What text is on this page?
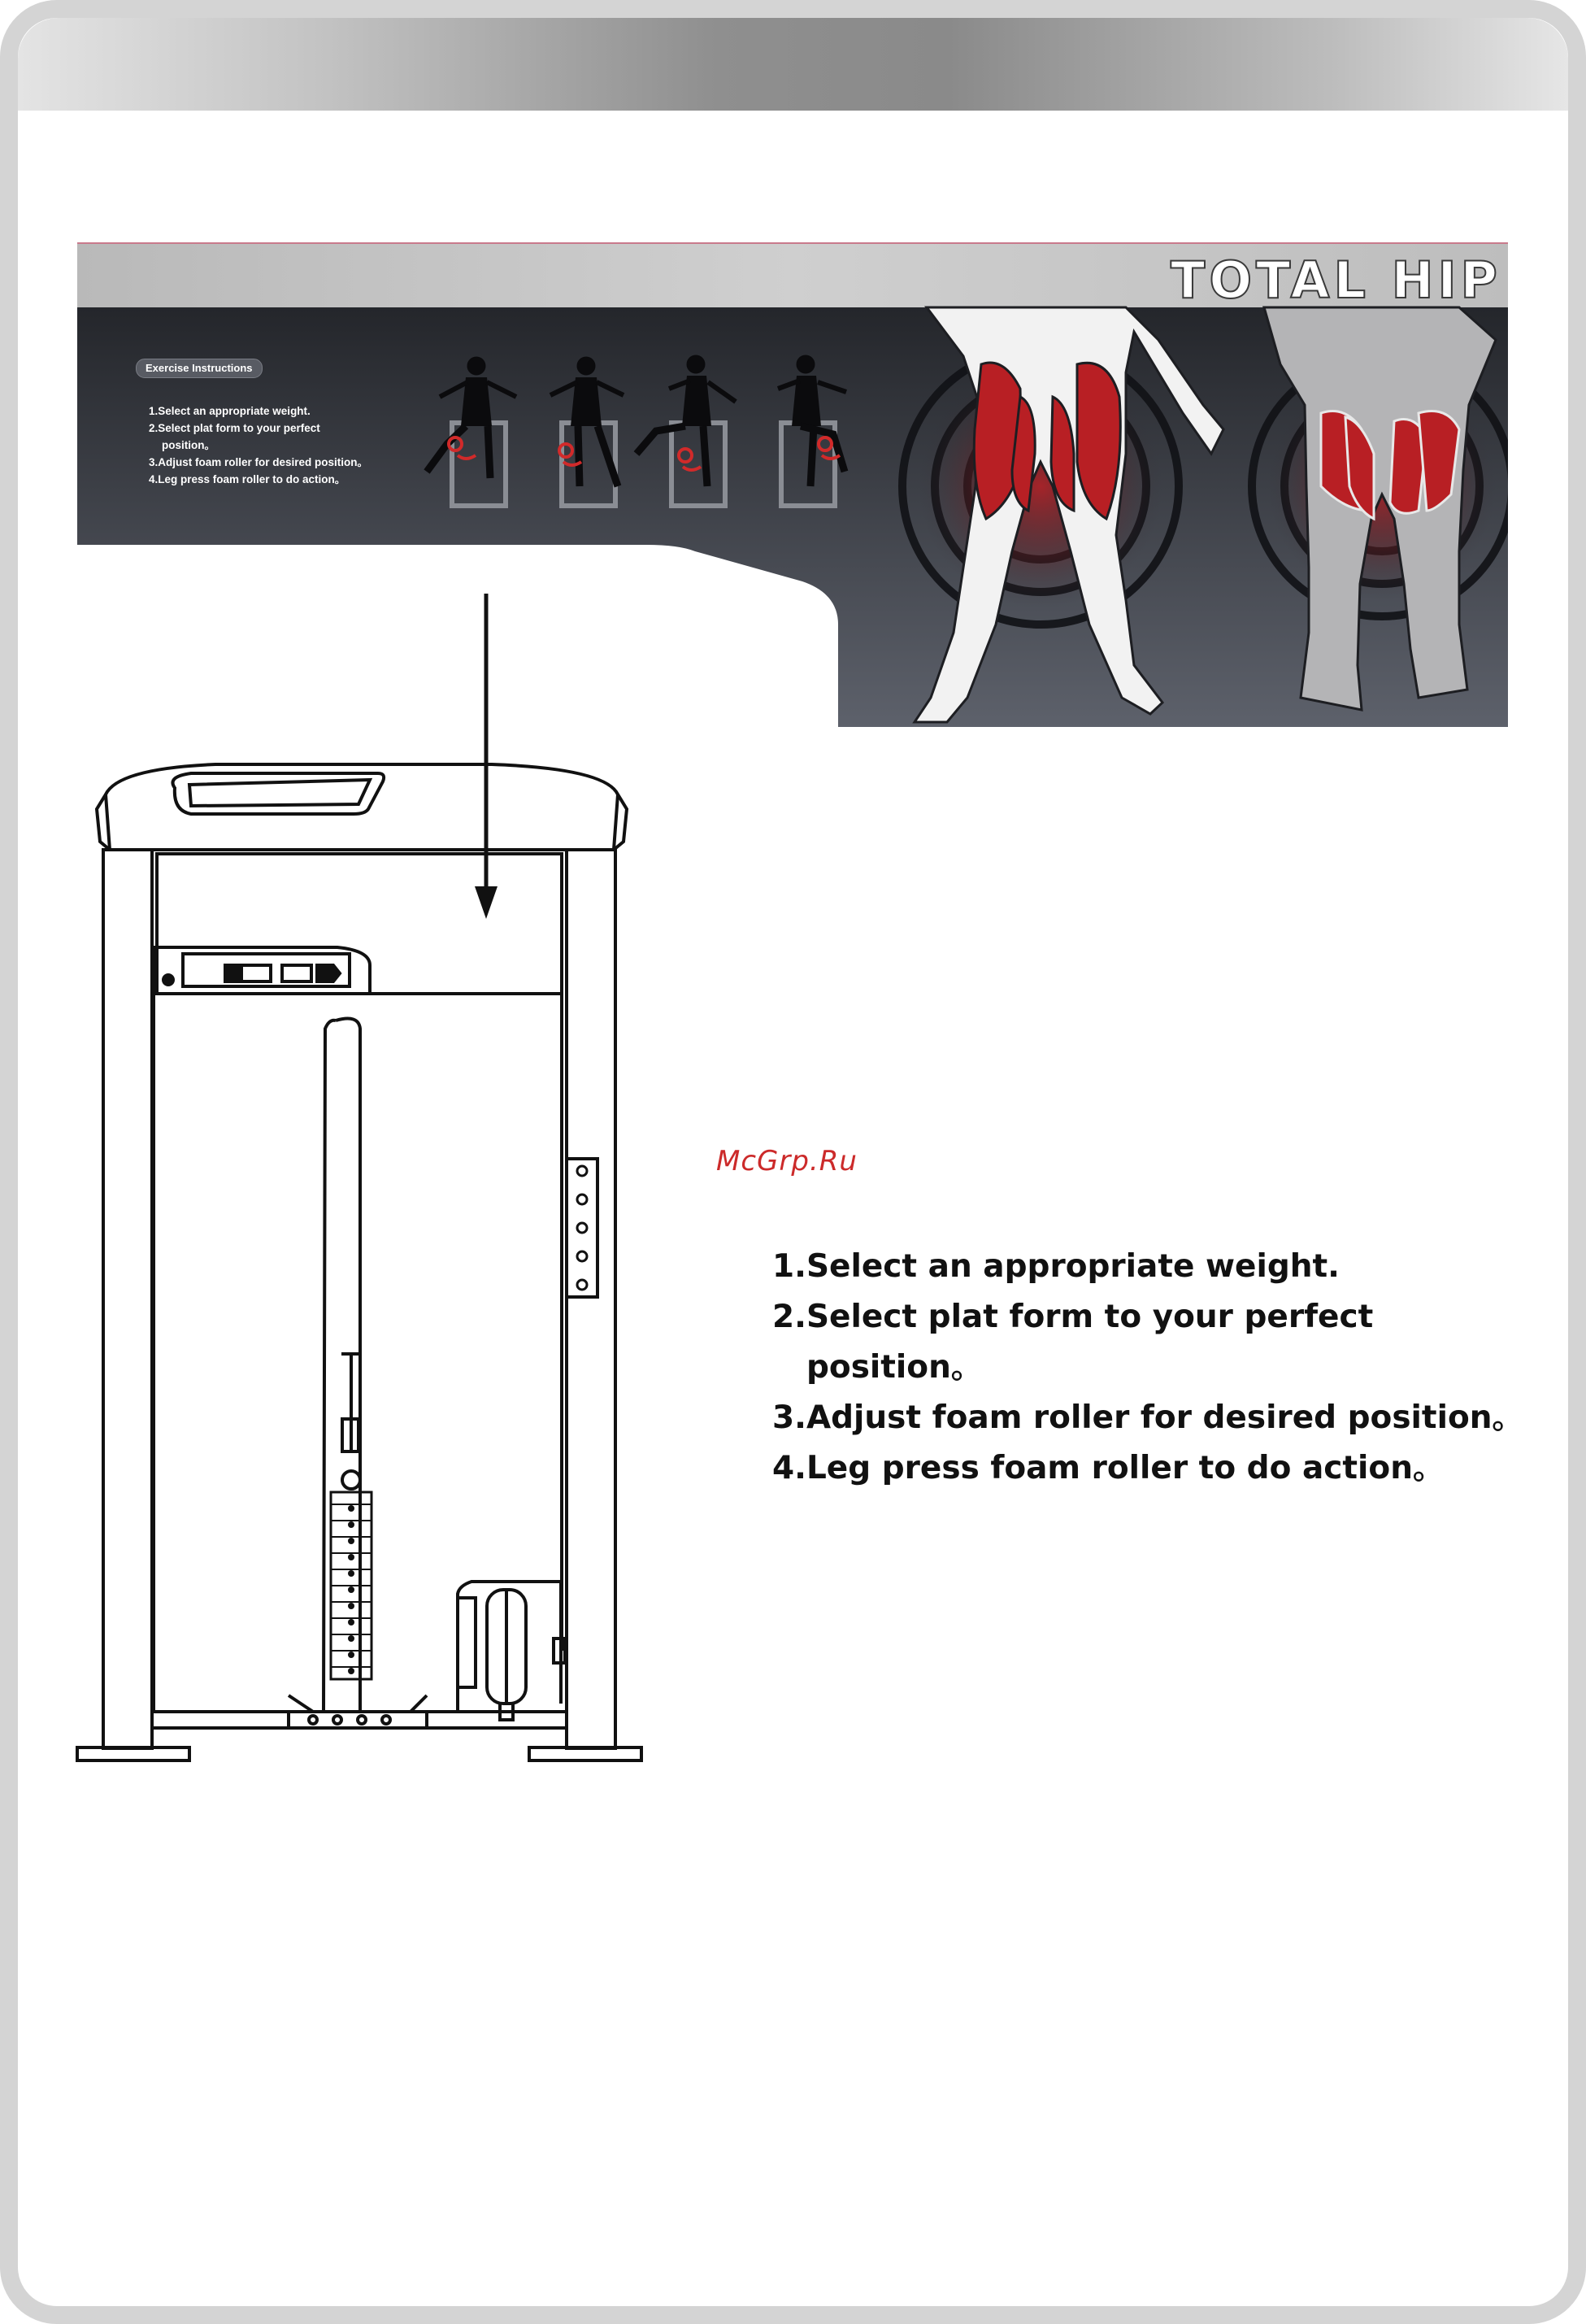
TOTAL HIP
Exercise Instructions
1.Select an appropriate weight.
2.Select plat form to your perfect
position。
3.Adjust foam roller for desired position。
4.Leg press foam roller to do action。
McGrp.Ru
1.Select an appropriate weight.
2.Select plat form to your perfect
position。
3.Adjust foam roller for desired position。
4.Leg press foam roller to do action。
